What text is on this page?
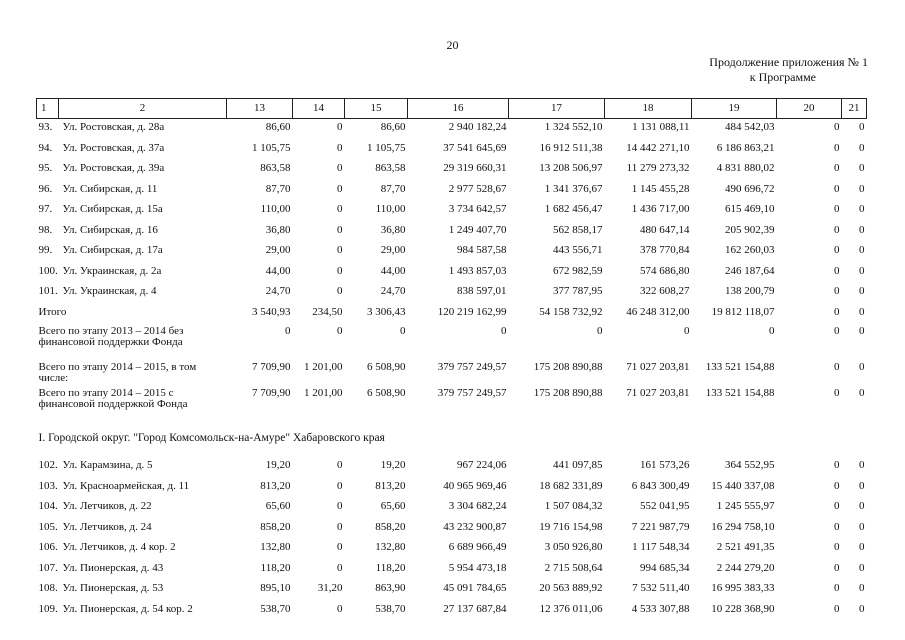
20
Продолжение приложения № 1
к Программе
1	2	13	14	15	16	17	18	19	20	21
93. Ул. Ростовская, д. 28а		86,60	0	86,60	2 940 182,24	1 324 552,10	1 131 088,11	484 542,03	0	0
94. Ул. Ростовская, д. 37а		1 105,75	0	1 105,75	37 541 645,69	16 912 511,38	14 442 271,10	6 186 863,21	0	0
95. Ул. Ростовская, д. 39а		863,58	0	863,58	29 319 660,31	13 208 506,97	11 279 273,32	4 831 880,02	0	0
96. Ул. Сибирская, д. 11		87,70	0	87,70	2 977 528,67	1 341 376,67	1 145 455,28	490 696,72	0	0
97. Ул. Сибирская, д. 15а		110,00	0	110,00	3 734 642,57	1 682 456,47	1 436 717,00	615 469,10	0	0
98. Ул. Сибирская, д. 16		36,80	0	36,80	1 249 407,70	562 858,17	480 647,14	205 902,39	0	0
99. Ул. Сибирская, д. 17а		29,00	0	29,00	984 587,58	443 556,71	378 770,84	162 260,03	0	0
100. Ул. Украинская, д. 2а		44,00	0	44,00	1 493 857,03	672 982,59	574 686,80	246 187,64	0	0
101. Ул. Украинская, д. 4		24,70	0	24,70	838 597,01	377 787,95	322 608,27	138 200,79	0	0
Итого		3 540,93	234,50	3 306,43	120 219 162,99	54 158 732,92	46 248 312,00	19 812 118,07	0	0

Всего по этапу 2013 – 2014 без финансовой поддержки Фонда		0	0	0	0	0	0	0	0	0

Всего по этапу 2014 – 2015, в том числе:		7 709,90	1 201,00	6 508,90	379 757 249,57	175 208 890,88	71 027 203,81	133 521 154,88	0	0

Всего по этапу 2014 – 2015 с финансовой поддержкой Фонда		7 709,90	1 201,00	6 508,90	379 757 249,57	175 208 890,88	71 027 203,81	133 521 154,88	0	0
I. Городской округ. "Город Комсомольск-на-Амуре" Хабаровского края										
102. Ул. Карамзина, д. 5		19,20	0	19,20	967 224,06	441 097,85	161 573,26	364 552,95	0	0
103. Ул. Красноармейская, д. 11		813,20	0	813,20	40 965 969,46	18 682 331,89	6 843 300,49	15 440 337,08	0	0
104. Ул. Летчиков, д. 22		65,60	0	65,60	3 304 682,24	1 507 084,32	552 041,95	1 245 555,97	0	0
105. Ул. Летчиков, д. 24		858,20	0	858,20	43 232 900,87	19 716 154,98	7 221 987,79	16 294 758,10	0	0
106. Ул. Летчиков, д. 4 кор. 2		132,80	0	132,80	6 689 966,49	3 050 926,80	1 117 548,34	2 521 491,35	0	0
107. Ул. Пионерская, д. 43		118,20	0	118,20	5 954 473,18	2 715 508,64	994 685,34	2 244 279,20	0	0
108. Ул. Пионерская, д. 53		895,10	31,20	863,90	45 091 784,65	20 563 889,92	7 532 511,40	16 995 383,33	0	0
109. Ул. Пионерская, д. 54 кор. 2		538,70	0	538,70	27 137 687,84	12 376 011,06	4 533 307,88	10 228 368,90	0	0
